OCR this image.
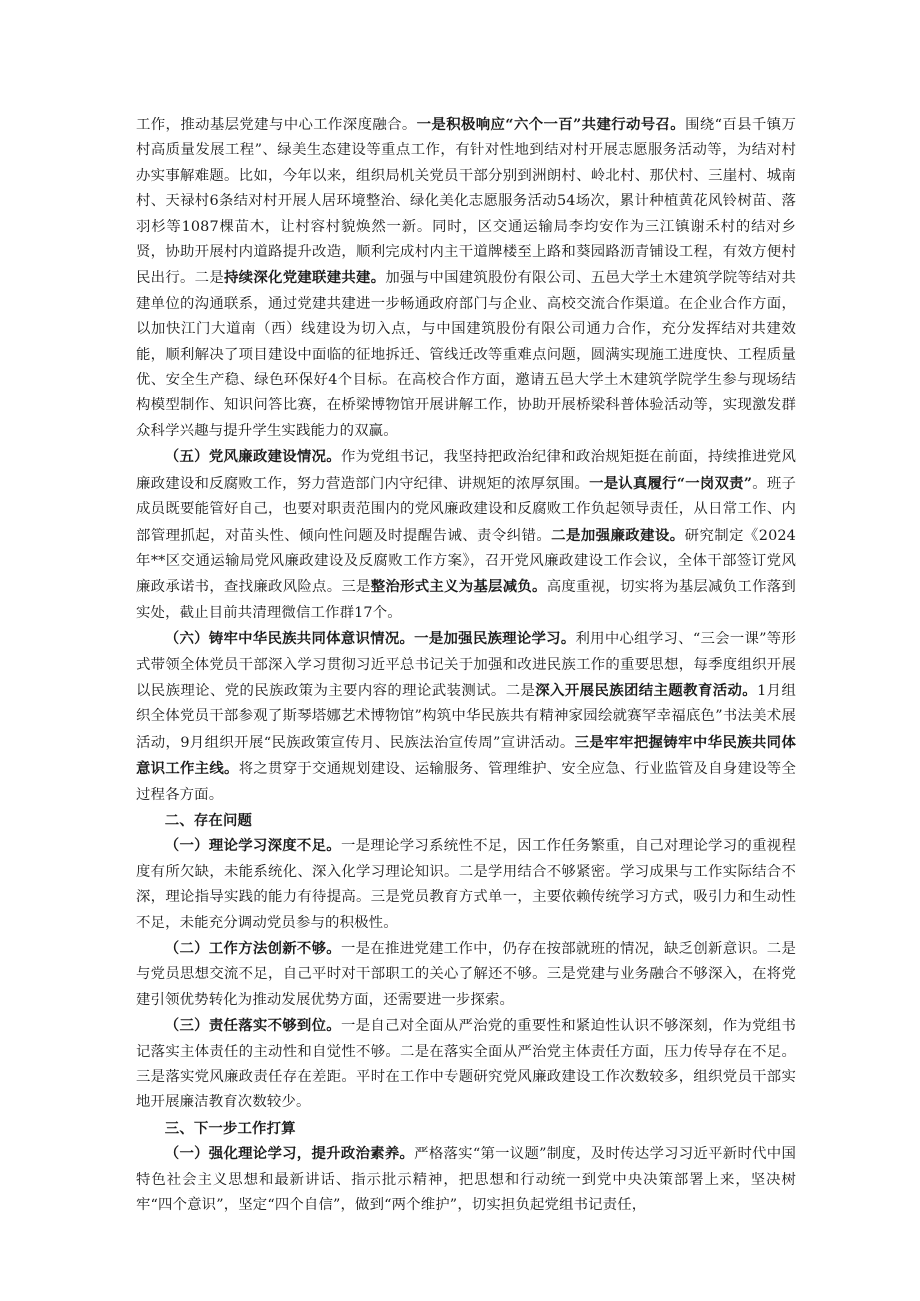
工作，推动基层党建与中心工作深度融合。一是积极响应“六个一百”共建行动号召。围绕“百县千镇万村高质量发展工程”、绿美生态建设等重点工作，有针对性地到结对村开展志愿服务活动等，为结对村办实事解难题。比如，今年以来，组织局机关党员干部分别到洲朗村、岭北村、那伏村、三崖村、城南村、天禄村6条结对村开展人居环境整治、绿化美化志愿服务活动54场次，累计种植黄花风铃树苗、落羽杉等1087棵苗木，让村容村貌焕然一新。同时，区交通运输局李均安作为三江镇谢禾村的结对乡贤，协助开展村内道路提升改造，顺利完成村内主干道牌楼至上路和葵园路沥青铺设工程，有效方便村民出行。二是持续深化党建联建共建。加强与中国建筑股份有限公司、五邑大学土木建筑学院等结对共建单位的沟通联系，通过党建共建进一步畅通政府部门与企业、高校交流合作渠道。在企业合作方面，以加快江门大道南（西）线建设为切入点，与中国建筑股份有限公司通力合作，充分发挥结对共建效能，顺利解决了项目建设中面临的征地拆迁、管线迁改等重难点问题，圆满实现施工进度快、工程质量优、安全生产稳、绿色环保好4个目标。在高校合作方面，邀请五邑大学土木建筑学院学生参与现场结构模型制作、知识问答比赛，在桥梁博物馆开展讲解工作，协助开展桥梁科普体验活动等，实现激发群众科学兴趣与提升学生实践能力的双赢。

（五）党风廉政建设情况。作为党组书记，我坚持把政治纪律和政治规矩挺在前面，持续推进党风廉政建设和反腐败工作，努力营造部门内守纪律、讲规矩的浓厚氛围。一是认真履行“一岗双责”。班子成员既要能管好自己，也要对职责范围内的党风廉政建设和反腐败工作负起领导责任，从日常工作、内部管理抓起，对苗头性、倾向性问题及时提醒告诫、责令纠错。二是加强廉政建设。研究制定《2024年**区交通运输局党风廉政建设及反腐败工作方案》，召开党风廉政建设工作会议，全体干部签订党风廉政承诺书，查找廉政风险点。三是整治形式主义为基层减负。高度重视，切实将为基层减负工作落到实处，截止目前共清理微信工作群17个。

（六）铸牢中华民族共同体意识情况。一是加强民族理论学习。利用中心组学习、“三会一课”等形式带领全体党员干部深入学习贯彻习近平总书记关于加强和改进民族工作的重要思想，每季度组织开展以民族理论、党的民族政策为主要内容的理论武装测试。二是深入开展民族团结主题教育活动。1月组织全体党员干部参观了斯琴塔娜艺术博物馆”构筑中华民族共有精神家园绘就赛罕幸福底色”书法美术展活动，9月组织开展“民族政策宣传月、民族法治宣传周”宣讲活动。三是牢牢把握铸牢中华民族共同体意识工作主线。将之贯穿于交通规划建设、运输服务、管理维护、安全应急、行业监管及自身建设等全过程各方面。

二、存在问题

（一）理论学习深度不足。一是理论学习系统性不足，因工作任务繁重，自己对理论学习的重视程度有所欠缺，未能系统化、深入化学习理论知识。二是学用结合不够紧密。学习成果与工作实际结合不深，理论指导实践的能力有待提高。三是党员教育方式单一，主要依赖传统学习方式，吸引力和生动性不足，未能充分调动党员参与的积极性。

（二）工作方法创新不够。一是在推进党建工作中，仍存在按部就班的情况，缺乏创新意识。二是与党员思想交流不足，自己平时对干部职工的关心了解还不够。三是党建与业务融合不够深入，在将党建引领优势转化为推动发展优势方面，还需要进一步探索。

（三）责任落实不够到位。一是自己对全面从严治党的重要性和紧迫性认识不够深刻，作为党组书记落实主体责任的主动性和自觉性不够。二是在落实全面从严治党主体责任方面，压力传导存在不足。三是落实党风廉政责任存在差距。平时在工作中专题研究党风廉政建设工作次数较多，组织党员干部实地开展廉洁教育次数较少。

三、下一步工作打算

（一）强化理论学习，提升政治素养。严格落实“第一议题”制度，及时传达学习习近平新时代中国特色社会主义思想和最新讲话、指示批示精神，把思想和行动统一到党中央决策部署上来，坚决树牢“四个意识”，坚定“四个自信”，做到“两个维护”，切实担负起党组书记责任，
